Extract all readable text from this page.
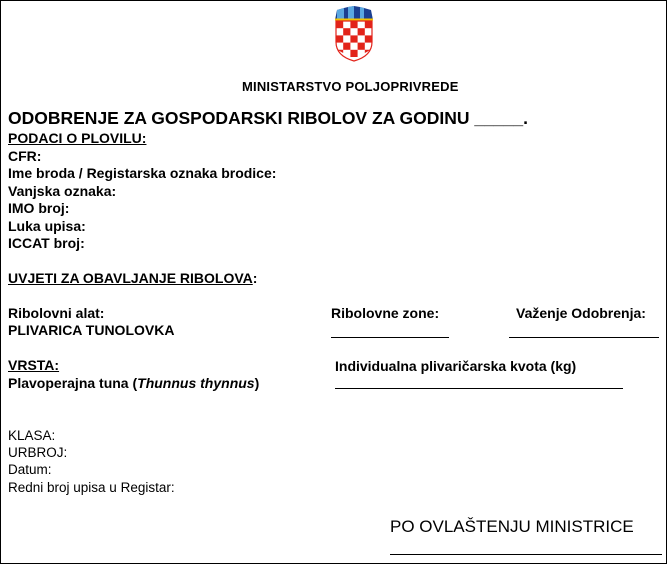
MINISTARSTVO POLJOPRIVREDE
ODOBRENJE ZA GOSPODARSKI RIBOLOV ZA GODINU _____.
PODACI O PLOVILU:
CFR:
Ime broda / Registarska oznaka brodice:
Vanjska oznaka:
IMO broj:
Luka upisa:
ICCAT broj:
UVJETI ZA OBAVLJANJE RIBOLOVA:
Ribolovni alat:
PLIVARICA TUNOLOVKA
Ribolovne zone:	Važenje Odobrenja:
VRSTA:
Plavoperajna tuna (Thunnus thynnus)
Individualna plivaričarska kvota (kg)
KLASA:
URBROJ:
Datum:
Redni broj upisa u Registar:
PO OVLAŠTENJU MINISTRICE
